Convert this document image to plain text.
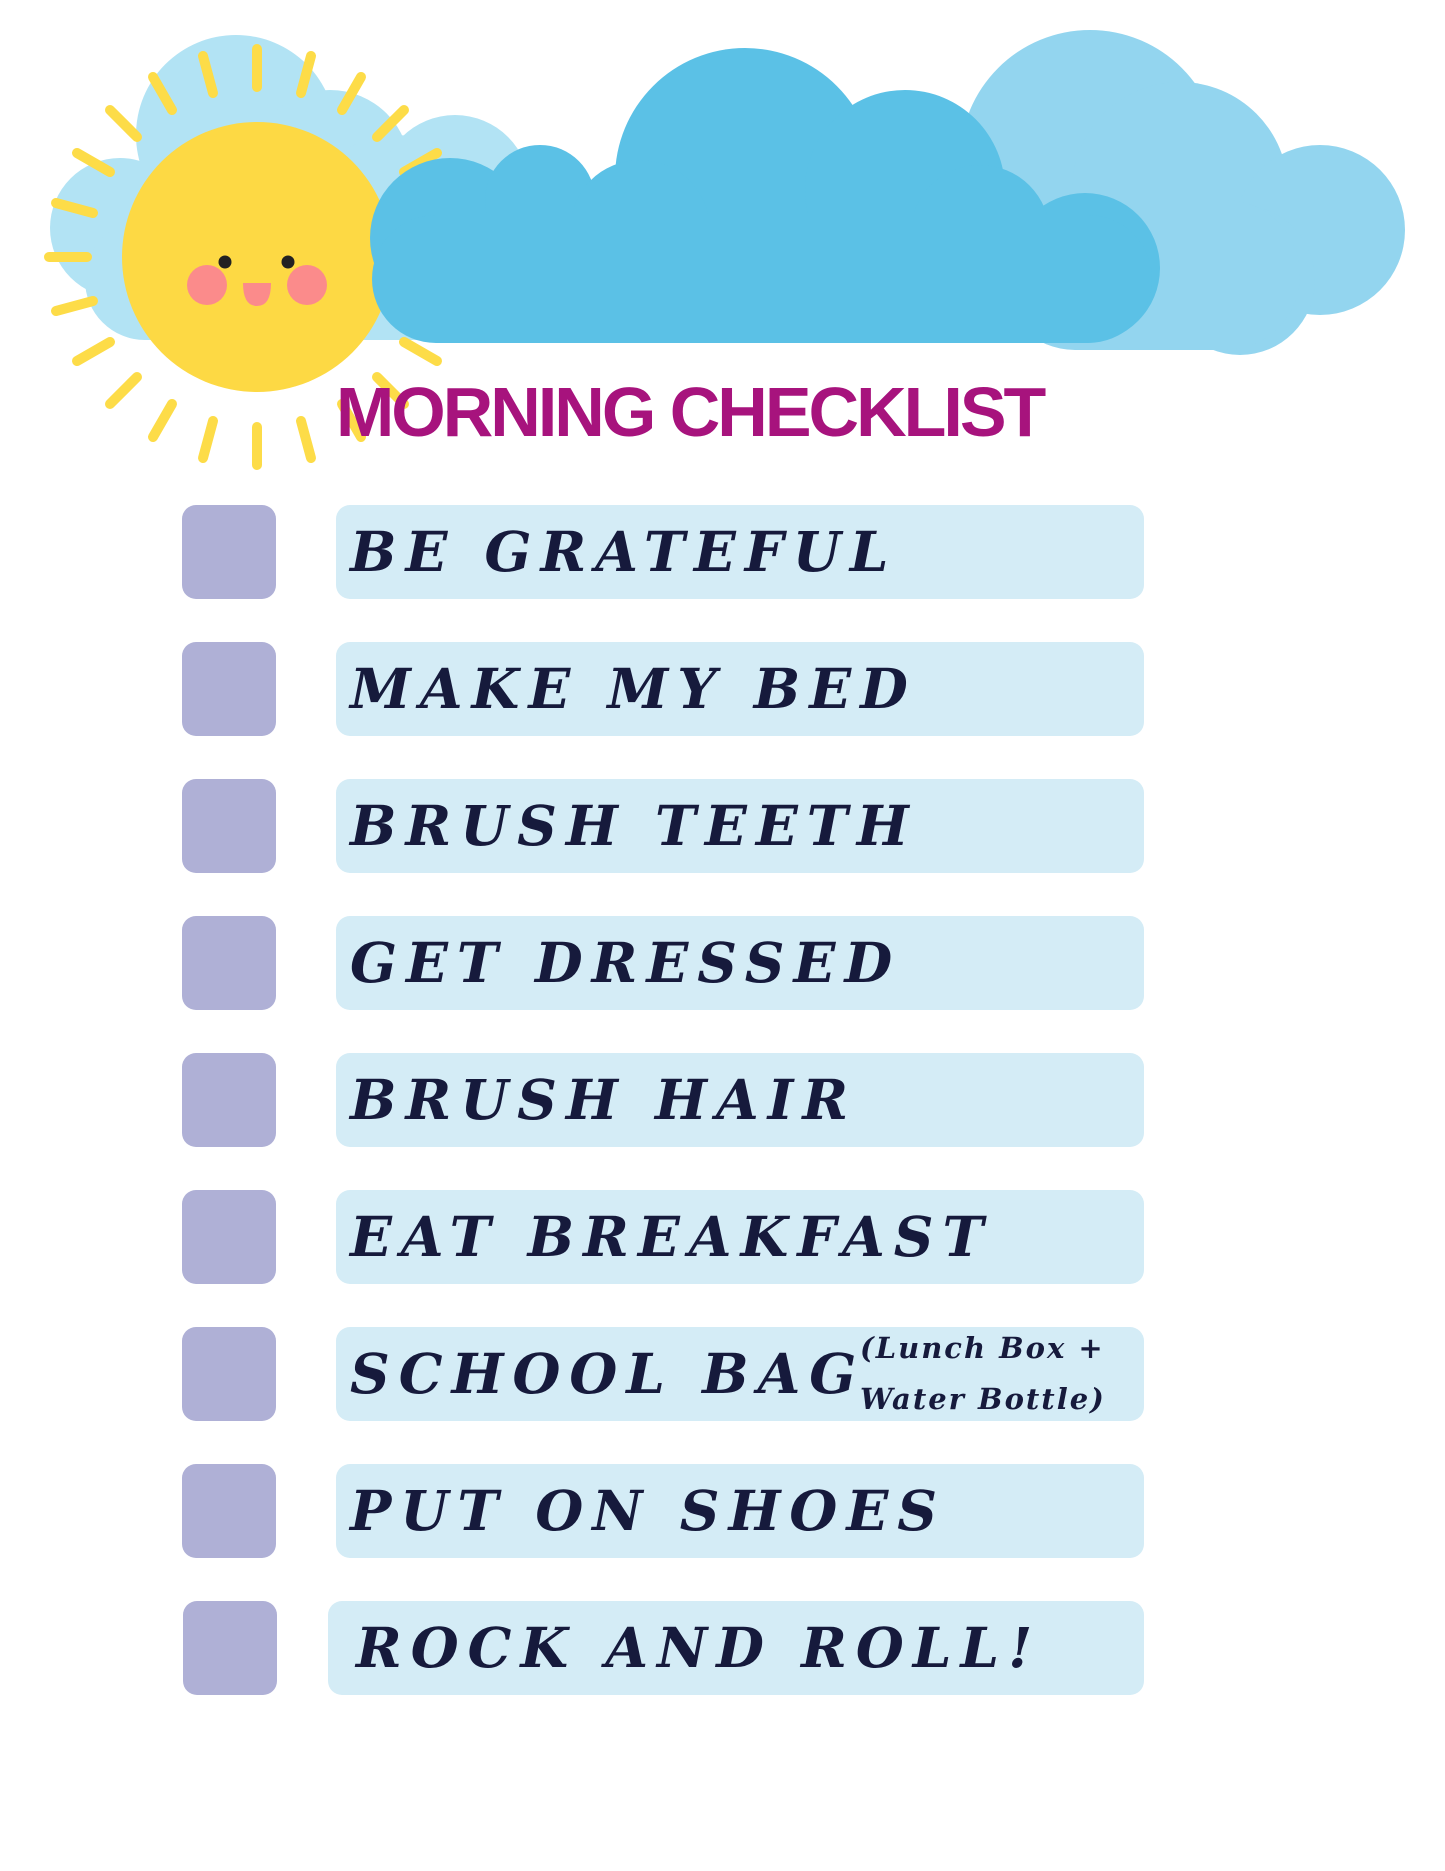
MORNING CHECKLIST
BE GRATEFUL
MAKE MY BED
BRUSH TEETH
GET DRESSED
BRUSH HAIR
EAT BREAKFAST
SCHOOL BAG
(Lunch Box + Water Bottle)
PUT ON SHOES
ROCK AND ROLL!
